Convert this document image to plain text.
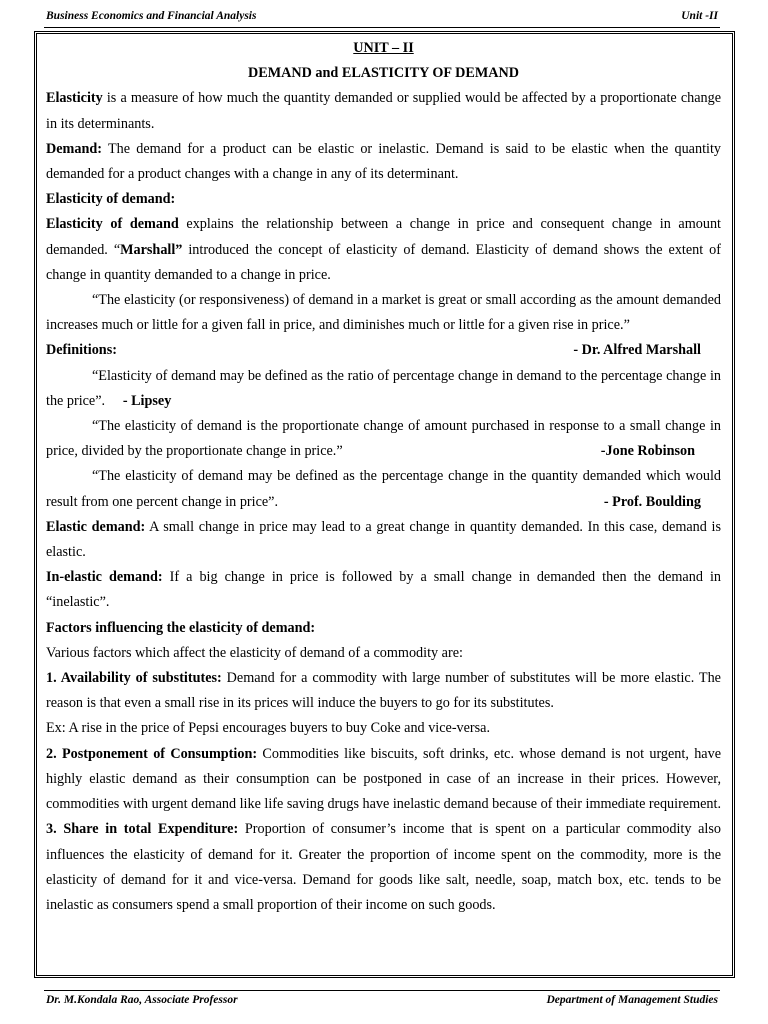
Business Economics and Financial Analysis	Unit -II

UNIT – II

DEMAND and ELASTICITY OF DEMAND

Elasticity is a measure of how much the quantity demanded or supplied would be affected by a proportionate change in its determinants.

Demand: The demand for a product can be elastic or inelastic. Demand is said to be elastic when the quantity demanded for a product changes with a change in any of its determinant.

Elasticity of demand:

Elasticity of demand explains the relationship between a change in price and consequent change in amount demanded. “Marshall” introduced the concept of elasticity of demand. Elasticity of demand shows the extent of change in quantity demanded to a change in price.

“The elasticity (or responsiveness) of demand in a market is great or small according as the amount demanded increases much or little for a given fall in price, and diminishes much or little for a given rise in price.”
- Dr. Alfred Marshall

Definitions:

“Elasticity of demand may be defined as the ratio of percentage change in demand to the percentage change in the price”. - Lipsey

“The elasticity of demand is the proportionate change of amount purchased in response to a small change in price, divided by the proportionate change in price.”	-Jone Robinson

“The elasticity of demand may be defined as the percentage change in the quantity demanded which would result from one percent change in price”.	- Prof. Boulding

Elastic demand: A small change in price may lead to a great change in quantity demanded. In this case, demand is elastic.

In-elastic demand: If a big change in price is followed by a small change in demanded then the demand in “inelastic”.

Factors influencing the elasticity of demand:

Various factors which affect the elasticity of demand of a commodity are:

1. Availability of substitutes: Demand for a commodity with large number of substitutes will be more elastic. The reason is that even a small rise in its prices will induce the buyers to go for its substitutes.

Ex: A rise in the price of Pepsi encourages buyers to buy Coke and vice-versa.

2. Postponement of Consumption: Commodities like biscuits, soft drinks, etc. whose demand is not urgent, have highly elastic demand as their consumption can be postponed in case of an increase in their prices. However, commodities with urgent demand like life saving drugs have inelastic demand because of their immediate requirement.

3. Share in total Expenditure: Proportion of consumer’s income that is spent on a particular commodity also influences the elasticity of demand for it. Greater the proportion of income spent on the commodity, more is the elasticity of demand for it and vice-versa. Demand for goods like salt, needle, soap, match box, etc. tends to be inelastic as consumers spend a small proportion of their income on such goods.

Dr. M.Kondala Rao, Associate Professor	Department of Management Studies
